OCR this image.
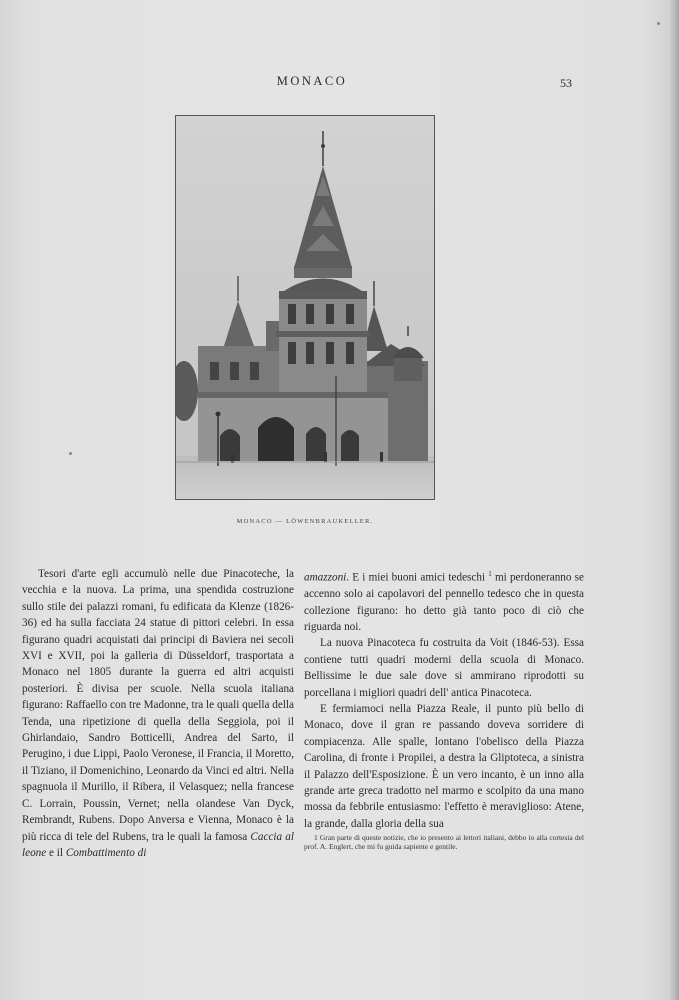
MONACO	53
MONACO — LÖWENBRAUKELLER.

Tesori d'arte egli accumulò nelle due Pinacoteche, la vecchia e la nuova. La prima, una spendida costruzione sullo stile dei palazzi romani, fu edificata da Klenze (1826-36) ed ha sulla facciata 24 statue di pittori celebri. In essa figurano quadri acquistati dai principi di Baviera nei secoli XVI e XVII, poi la galleria di Düsseldorf, trasportata a Monaco nel 1805 durante la guerra ed altri acquisti posteriori. È divisa per scuole. Nella scuola italiana figurano: Raffaello con tre Madonne, tra le quali quella della Tenda, una ripetizione di quella della Seggiola, poi il Ghirlandaio, Sandro Botticelli, Andrea del Sarto, il Perugino, i due Lippi, Paolo Veronese, il Francia, il Moretto, il Tiziano, il Domenichino, Leonardo da Vinci ed altri. Nella spagnuola il Murillo, il Ribera, il Velasquez; nella francese C. Lorrain, Poussin, Vernet; nella olandese Van Dyck, Rembrandt, Rubens. Dopo Anversa e Vienna, Monaco è la più ricca di tele del Rubens, tra le quali la famosa Caccia al leone e il Combattimento di

amazzoni. E i miei buoni amici tedeschi $^1$ mi perdoneranno se accenno solo ai capolavori del pennello tedesco che in questa collezione figurano: ho detto già tanto poco di ciò che riguarda noi.

La nuova Pinacoteca fu costruita da Voit (1846-53). Essa contiene tutti quadri moderni della scuola di Monaco. Bellissime le due sale dove si ammirano riprodotti su porcellana i migliori quadri dell' antica Pinacoteca.

E fermiamoci nella Piazza Reale, il punto più bello di Monaco, dove il gran re passando doveva sorridere di compiacenza. Alle spalle, lontano l'obelisco della Piazza Carolina, di fronte i Propilei, a destra la Gliptoteca, a sinistra il Palazzo dell'Esposizione. È un vero incanto, è un inno alla grande arte greca tradotto nel marmo e scolpito da una mano mossa da febbrile entusiasmo: l'effetto è meraviglioso: Atene, la grande, dalla gloria della sua

1 Gran parte di queste notizie, che io presento ai lettori italiani, debbo io alla cortesia del prof. A. Englert, che mi fu guida sapiente e gentile.
